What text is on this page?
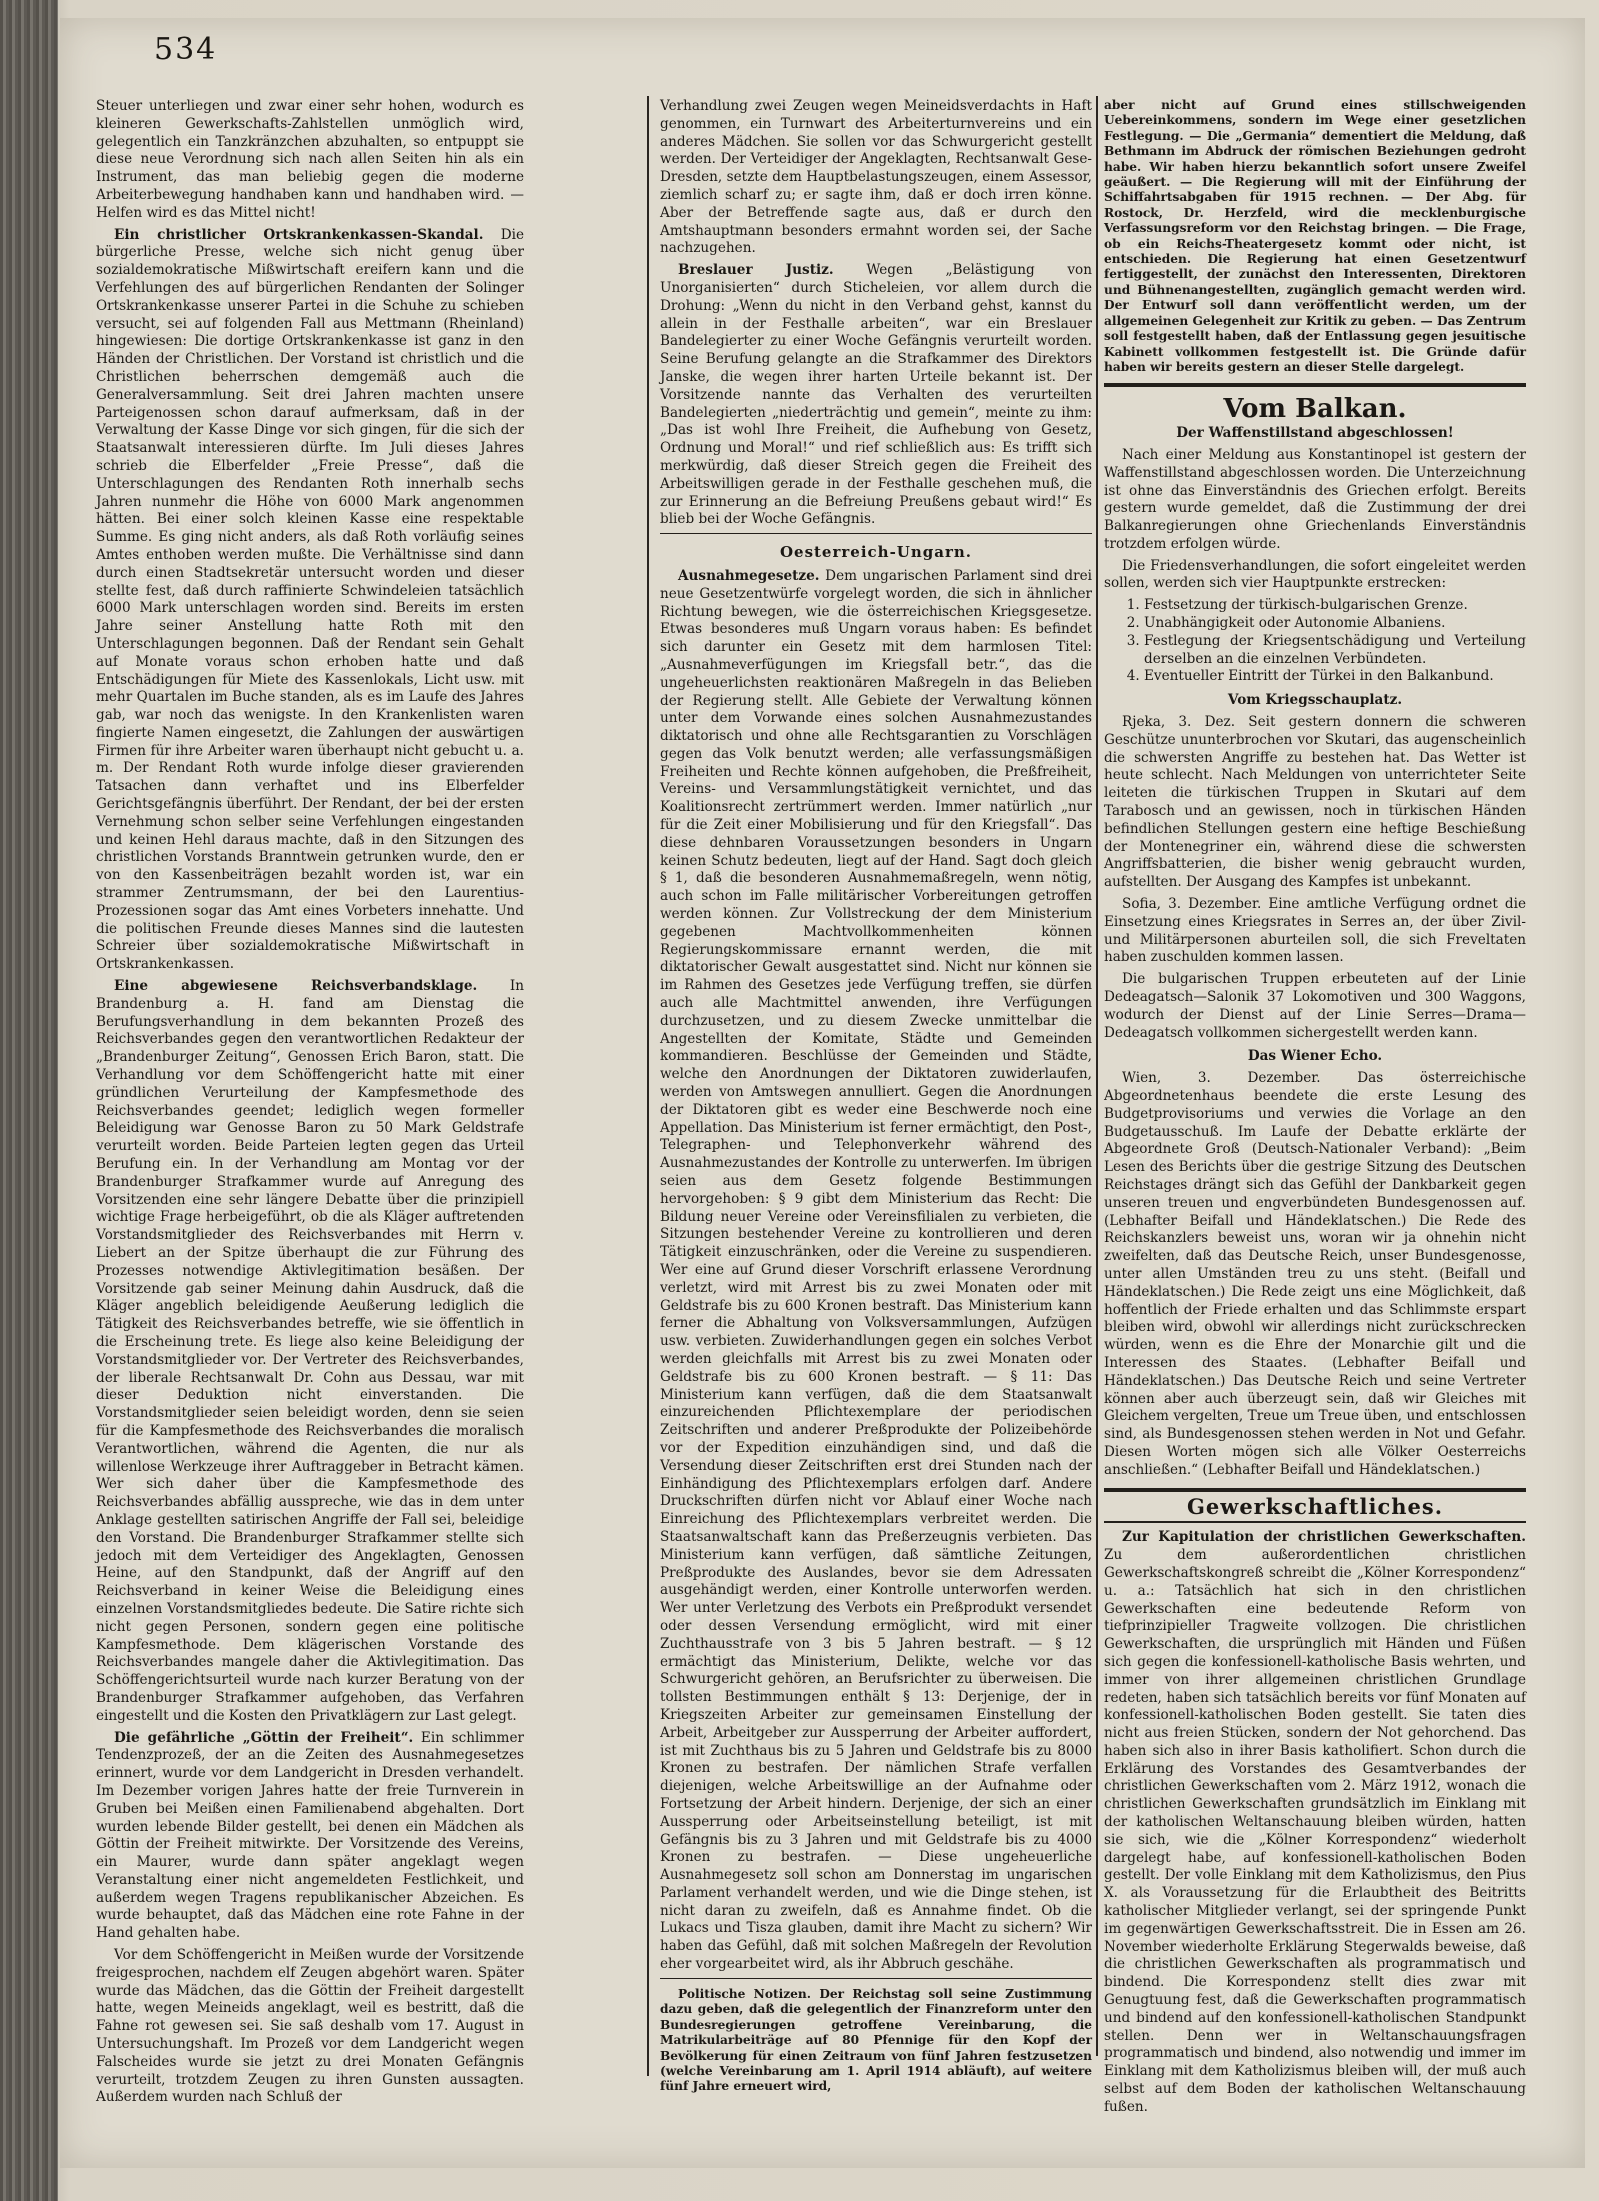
534

Steuer unterliegen und zwar einer sehr hohen, wodurch es kleineren Gewerkschafts-Zahlstellen unmöglich wird, gelegentlich ein Tanzkränzchen abzuhalten, so entpuppt sie diese neue Verordnung sich nach allen Seiten hin als ein Instrument, das man beliebig gegen die moderne Arbeiterbewegung handhaben kann und handhaben wird. — Helfen wird es das Mittel nicht!

Ein christlicher Ortskrankenkassen-Skandal. Die bürgerliche Presse, welche sich nicht genug über sozialdemokratische Mißwirtschaft ereifern kann und die Verfehlungen des auf bürgerlichen Rendanten der Solinger Ortskrankenkasse unserer Partei in die Schuhe zu schieben versucht, sei auf folgenden Fall aus Mettmann (Rheinland) hingewiesen: Die dortige Ortskrankenkasse ist ganz in den Händen der Christlichen. Der Vorstand ist christlich und die Christlichen beherrschen demgemäß auch die Generalversammlung. Seit drei Jahren machten unsere Parteigenossen schon darauf aufmerksam, daß in der Verwaltung der Kasse Dinge vor sich gingen, für die sich der Staatsanwalt interessieren dürfte. Im Juli dieses Jahres schrieb die Elberfelder „Freie Presse“, daß die Unterschlagungen des Rendanten Roth innerhalb sechs Jahren nunmehr die Höhe von 6000 Mark angenommen hätten. Bei einer solch kleinen Kasse eine respektable Summe. Es ging nicht anders, als daß Roth vorläufig seines Amtes enthoben werden mußte. Die Verhältnisse sind dann durch einen Stadtsekretär untersucht worden und dieser stellte fest, daß durch raffinierte Schwindeleien tatsächlich 6000 Mark unterschlagen worden sind. Bereits im ersten Jahre seiner Anstellung hatte Roth mit den Unterschlagungen begonnen. Daß der Rendant sein Gehalt auf Monate voraus schon erhoben hatte und daß Entschädigungen für Miete des Kassenlokals, Licht usw. mit mehr Quartalen im Buche standen, als es im Laufe des Jahres gab, war noch das wenigste. In den Krankenlisten waren fingierte Namen eingesetzt, die Zahlungen der auswärtigen Firmen für ihre Arbeiter waren überhaupt nicht gebucht u. a. m. Der Rendant Roth wurde infolge dieser gravierenden Tatsachen dann verhaftet und ins Elberfelder Gerichtsgefängnis überführt. Der Rendant, der bei der ersten Vernehmung schon selber seine Verfehlungen eingestanden und keinen Hehl daraus machte, daß in den Sitzungen des christlichen Vorstands Branntwein getrunken wurde, den er von den Kassenbeiträgen bezahlt worden ist, war ein strammer Zentrumsmann, der bei den Laurentius-Prozessionen sogar das Amt eines Vorbeters innehatte. Und die politischen Freunde dieses Mannes sind die lautesten Schreier über sozialdemokratische Mißwirtschaft in Ortskrankenkassen.

Eine abgewiesene Reichsverbandsklage. In Brandenburg a. H. fand am Dienstag die Berufungsverhandlung in dem bekannten Prozeß des Reichsverbandes gegen den verantwortlichen Redakteur der „Brandenburger Zeitung“, Genossen Erich Baron, statt. Die Verhandlung vor dem Schöffengericht hatte mit einer gründlichen Verurteilung der Kampfesmethode des Reichsverbandes geendet; lediglich wegen formeller Beleidigung war Genosse Baron zu 50 Mark Geldstrafe verurteilt worden. Beide Parteien legten gegen das Urteil Berufung ein. In der Verhandlung am Montag vor der Brandenburger Strafkammer wurde auf Anregung des Vorsitzenden eine sehr längere Debatte über die prinzipiell wichtige Frage herbeigeführt, ob die als Kläger auftretenden Vorstandsmitglieder des Reichsverbandes mit Herrn v. Liebert an der Spitze überhaupt die zur Führung des Prozesses notwendige Aktivlegitimation besäßen. Der Vorsitzende gab seiner Meinung dahin Ausdruck, daß die Kläger angeblich beleidigende Aeußerung lediglich die Tätigkeit des Reichsverbandes betreffe, wie sie öffentlich in die Erscheinung trete. Es liege also keine Beleidigung der Vorstandsmitglieder vor. Der Vertreter des Reichsverbandes, der liberale Rechtsanwalt Dr. Cohn aus Dessau, war mit dieser Deduktion nicht einverstanden. Die Vorstandsmitglieder seien beleidigt worden, denn sie seien für die Kampfesmethode des Reichsverbandes die moralisch Verantwortlichen, während die Agenten, die nur als willenlose Werkzeuge ihrer Auftraggeber in Betracht kämen. Wer sich daher über die Kampfesmethode des Reichsverbandes abfällig ausspreche, wie das in dem unter Anklage gestellten satirischen Angriffe der Fall sei, beleidige den Vorstand. Die Brandenburger Strafkammer stellte sich jedoch mit dem Verteidiger des Angeklagten, Genossen Heine, auf den Standpunkt, daß der Angriff auf den Reichsverband in keiner Weise die Beleidigung eines einzelnen Vorstandsmitgliedes bedeute. Die Satire richte sich nicht gegen Personen, sondern gegen eine politische Kampfesmethode. Dem klägerischen Vorstande des Reichsverbandes mangele daher die Aktivlegitimation. Das Schöffengerichtsurteil wurde nach kurzer Beratung von der Brandenburger Strafkammer aufgehoben, das Verfahren eingestellt und die Kosten den Privatklägern zur Last gelegt.

Die gefährliche „Göttin der Freiheit“. Ein schlimmer Tendenzprozeß, der an die Zeiten des Ausnahmegesetzes erinnert, wurde vor dem Landgericht in Dresden verhandelt. Im Dezember vorigen Jahres hatte der freie Turnverein in Gruben bei Meißen einen Familienabend abgehalten. Dort wurden lebende Bilder gestellt, bei denen ein Mädchen als Göttin der Freiheit mitwirkte. Der Vorsitzende des Vereins, ein Maurer, wurde dann später angeklagt wegen Veranstaltung einer nicht angemeldeten Festlichkeit, und außerdem wegen Tragens republikanischer Abzeichen. Es wurde behauptet, daß das Mädchen eine rote Fahne in der Hand gehalten habe.

Vor dem Schöffengericht in Meißen wurde der Vorsitzende freigesprochen, nachdem elf Zeugen abgehört waren. Später wurde das Mädchen, das die Göttin der Freiheit dargestellt hatte, wegen Meineids angeklagt, weil es bestritt, daß die Fahne rot gewesen sei. Sie saß deshalb vom 17. August in Untersuchungshaft. Im Prozeß vor dem Landgericht wegen Falscheides wurde sie jetzt zu drei Monaten Gefängnis verurteilt, trotzdem Zeugen zu ihren Gunsten aussagten. Außerdem wurden nach Schluß der

Verhandlung zwei Zeugen wegen Meineidsverdachts in Haft genommen, ein Turnwart des Arbeiterturnvereins und ein anderes Mädchen. Sie sollen vor das Schwurgericht gestellt werden. Der Verteidiger der Angeklagten, Rechtsanwalt Gese-Dresden, setzte dem Hauptbelastungszeugen, einem Assessor, ziemlich scharf zu; er sagte ihm, daß er doch irren könne. Aber der Betreffende sagte aus, daß er durch den Amtshauptmann besonders ermahnt worden sei, der Sache nachzugehen.

Breslauer Justiz. Wegen „Belästigung von Unorganisierten“ durch Sticheleien, vor allem durch die Drohung: „Wenn du nicht in den Verband gehst, kannst du allein in der Festhalle arbeiten“, war ein Breslauer Bandelegierter zu einer Woche Gefängnis verurteilt worden. Seine Berufung gelangte an die Strafkammer des Direktors Janske, die wegen ihrer harten Urteile bekannt ist. Der Vorsitzende nannte das Verhalten des verurteilten Bandelegierten „niederträchtig und gemein“, meinte zu ihm: „Das ist wohl Ihre Freiheit, die Aufhebung von Gesetz, Ordnung und Moral!“ und rief schließlich aus: Es trifft sich merkwürdig, daß dieser Streich gegen die Freiheit des Arbeitswilligen gerade in der Festhalle geschehen muß, die zur Erinnerung an die Befreiung Preußens gebaut wird!“ Es blieb bei der Woche Gefängnis.

Oesterreich-Ungarn.

Ausnahmegesetze. Dem ungarischen Parlament sind drei neue Gesetzentwürfe vorgelegt worden, die sich in ähnlicher Richtung bewegen, wie die österreichischen Kriegsgesetze. Etwas besonderes muß Ungarn voraus haben: Es befindet sich darunter ein Gesetz mit dem harmlosen Titel: „Ausnahmeverfügungen im Kriegsfall betr.“, das die ungeheuerlichsten reaktionären Maßregeln in das Belieben der Regierung stellt. Alle Gebiete der Verwaltung können unter dem Vorwande eines solchen Ausnahmezustandes diktatorisch und ohne alle Rechtsgarantien zu Vorschlägen gegen das Volk benutzt werden; alle verfassungsmäßigen Freiheiten und Rechte können aufgehoben, die Preßfreiheit, Vereins- und Versammlungstätigkeit vernichtet, und das Koalitionsrecht zertrümmert werden. Immer natürlich „nur für die Zeit einer Mobilisierung und für den Kriegsfall“. Das diese dehnbaren Voraussetzungen besonders in Ungarn keinen Schutz bedeuten, liegt auf der Hand. Sagt doch gleich § 1, daß die besonderen Ausnahmemaßregeln, wenn nötig, auch schon im Falle militärischer Vorbereitungen getroffen werden können. Zur Vollstreckung der dem Ministerium gegebenen Machtvollkommenheiten können Regierungskommissare ernannt werden, die mit diktatorischer Gewalt ausgestattet sind. Nicht nur können sie im Rahmen des Gesetzes jede Verfügung treffen, sie dürfen auch alle Machtmittel anwenden, ihre Verfügungen durchzusetzen, und zu diesem Zwecke unmittelbar die Angestellten der Komitate, Städte und Gemeinden kommandieren. Beschlüsse der Gemeinden und Städte, welche den Anordnungen der Diktatoren zuwiderlaufen, werden von Amtswegen annulliert. Gegen die Anordnungen der Diktatoren gibt es weder eine Beschwerde noch eine Appellation. Das Ministerium ist ferner ermächtigt, den Post-, Telegraphen- und Telephonverkehr während des Ausnahmezustandes der Kontrolle zu unterwerfen. Im übrigen seien aus dem Gesetz folgende Bestimmungen hervorgehoben: § 9 gibt dem Ministerium das Recht: Die Bildung neuer Vereine oder Vereinsfilialen zu verbieten, die Sitzungen bestehender Vereine zu kontrollieren und deren Tätigkeit einzuschränken, oder die Vereine zu suspendieren. Wer eine auf Grund dieser Vorschrift erlassene Verordnung verletzt, wird mit Arrest bis zu zwei Monaten oder mit Geldstrafe bis zu 600 Kronen bestraft. Das Ministerium kann ferner die Abhaltung von Volksversammlungen, Aufzügen usw. verbieten. Zuwiderhandlungen gegen ein solches Verbot werden gleichfalls mit Arrest bis zu zwei Monaten oder Geldstrafe bis zu 600 Kronen bestraft. — § 11: Das Ministerium kann verfügen, daß die dem Staatsanwalt einzureichenden Pflichtexemplare der periodischen Zeitschriften und anderer Preßprodukte der Polizeibehörde vor der Expedition einzuhändigen sind, und daß die Versendung dieser Zeitschriften erst drei Stunden nach der Einhändigung des Pflichtexemplars erfolgen darf. Andere Druckschriften dürfen nicht vor Ablauf einer Woche nach Einreichung des Pflichtexemplars verbreitet werden. Die Staatsanwaltschaft kann das Preßerzeugnis verbieten. Das Ministerium kann verfügen, daß sämtliche Zeitungen, Preßprodukte des Auslandes, bevor sie dem Adressaten ausgehändigt werden, einer Kontrolle unterworfen werden. Wer unter Verletzung des Verbots ein Preßprodukt versendet oder dessen Versendung ermöglicht, wird mit einer Zuchthausstrafe von 3 bis 5 Jahren bestraft. — § 12 ermächtigt das Ministerium, Delikte, welche vor das Schwurgericht gehören, an Berufsrichter zu überweisen. Die tollsten Bestimmungen enthält § 13: Derjenige, der in Kriegszeiten Arbeiter zur gemeinsamen Einstellung der Arbeit, Arbeitgeber zur Aussperrung der Arbeiter auffordert, ist mit Zuchthaus bis zu 5 Jahren und Geldstrafe bis zu 8000 Kronen zu bestrafen. Der nämlichen Strafe verfallen diejenigen, welche Arbeitswillige an der Aufnahme oder Fortsetzung der Arbeit hindern. Derjenige, der sich an einer Aussperrung oder Arbeitseinstellung beteiligt, ist mit Gefängnis bis zu 3 Jahren und mit Geldstrafe bis zu 4000 Kronen zu bestrafen. — Diese ungeheuerliche Ausnahmegesetz soll schon am Donnerstag im ungarischen Parlament verhandelt werden, und wie die Dinge stehen, ist nicht daran zu zweifeln, daß es Annahme findet. Ob die Lukacs und Tisza glauben, damit ihre Macht zu sichern? Wir haben das Gefühl, daß mit solchen Maßregeln der Revolution eher vorgearbeitet wird, als ihr Abbruch geschähe.

Politische Notizen. Der Reichstag soll seine Zustimmung dazu geben, daß die gelegentlich der Finanzreform unter den Bundesregierungen getroffene Vereinbarung, die Matrikularbeiträge auf 80 Pfennige für den Kopf der Bevölkerung für einen Zeitraum von fünf Jahren festzusetzen (welche Vereinbarung am 1. April 1914 abläuft), auf weitere fünf Jahre erneuert wird,

aber nicht auf Grund eines stillschweigenden Uebereinkommens, sondern im Wege einer gesetzlichen Festlegung. — Die „Germania“ dementiert die Meldung, daß Bethmann im Abdruck der römischen Beziehungen gedroht habe. Wir haben hierzu bekanntlich sofort unsere Zweifel geäußert. — Die Regierung will mit der Einführung der Schiffahrtsabgaben für 1915 rechnen. — Der Abg. für Rostock, Dr. Herzfeld, wird die mecklenburgische Verfassungsreform vor den Reichstag bringen. — Die Frage, ob ein Reichs-Theatergesetz kommt oder nicht, ist entschieden. Die Regierung hat einen Gesetzentwurf fertiggestellt, der zunächst den Interessenten, Direktoren und Bühnenangestellten, zugänglich gemacht werden wird. Der Entwurf soll dann veröffentlicht werden, um der allgemeinen Gelegenheit zur Kritik zu geben. — Das Zentrum soll festgestellt haben, daß der Entlassung gegen jesuitische Kabinett vollkommen festgestellt ist. Die Gründe dafür haben wir bereits gestern an dieser Stelle dargelegt.

Vom Balkan.
Der Waffenstillstand abgeschlossen!

Nach einer Meldung aus Konstantinopel ist gestern der Waffenstillstand abgeschlossen worden. Die Unterzeichnung ist ohne das Einverständnis des Griechen erfolgt. Bereits gestern wurde gemeldet, daß die Zustimmung der drei Balkanregierungen ohne Griechenlands Einverständnis trotzdem erfolgen würde.

Die Friedensverhandlungen, die sofort eingeleitet werden sollen, werden sich vier Hauptpunkte erstrecken:

1. Festsetzung der türkisch-bulgarischen Grenze.
2. Unabhängigkeit oder Autonomie Albaniens.
3. Festlegung der Kriegsentschädigung und Verteilung derselben an die einzelnen Verbündeten.
4. Eventueller Eintritt der Türkei in den Balkanbund.
Vom Kriegsschauplatz.

Rjeka, 3. Dez. Seit gestern donnern die schweren Geschütze ununterbrochen vor Skutari, das augenscheinlich die schwersten Angriffe zu bestehen hat. Das Wetter ist heute schlecht. Nach Meldungen von unterrichteter Seite leiteten die türkischen Truppen in Skutari auf dem Tarabosch und an gewissen, noch in türkischen Händen befindlichen Stellungen gestern eine heftige Beschießung der Montenegriner ein, während diese die schwersten Angriffsbatterien, die bisher wenig gebraucht wurden, aufstellten. Der Ausgang des Kampfes ist unbekannt.

Sofia, 3. Dezember. Eine amtliche Verfügung ordnet die Einsetzung eines Kriegsrates in Serres an, der über Zivil- und Militärpersonen aburteilen soll, die sich Freveltaten haben zuschulden kommen lassen.

Die bulgarischen Truppen erbeuteten auf der Linie Dedeagatsch—Salonik 37 Lokomotiven und 300 Waggons, wodurch der Dienst auf der Linie Serres—Drama—Dedeagatsch vollkommen sichergestellt werden kann.

Das Wiener Echo.

Wien, 3. Dezember. Das österreichische Abgeordnetenhaus beendete die erste Lesung des Budgetprovisoriums und verwies die Vorlage an den Budgetausschuß. Im Laufe der Debatte erklärte der Abgeordnete Groß (Deutsch-Nationaler Verband): „Beim Lesen des Berichts über die gestrige Sitzung des Deutschen Reichstages drängt sich das Gefühl der Dankbarkeit gegen unseren treuen und engverbündeten Bundesgenossen auf. (Lebhafter Beifall und Händeklatschen.) Die Rede des Reichskanzlers beweist uns, woran wir ja ohnehin nicht zweifelten, daß das Deutsche Reich, unser Bundesgenosse, unter allen Umständen treu zu uns steht. (Beifall und Händeklatschen.) Die Rede zeigt uns eine Möglichkeit, daß hoffentlich der Friede erhalten und das Schlimmste erspart bleiben wird, obwohl wir allerdings nicht zurückschrecken würden, wenn es die Ehre der Monarchie gilt und die Interessen des Staates. (Lebhafter Beifall und Händeklatschen.) Das Deutsche Reich und seine Vertreter können aber auch überzeugt sein, daß wir Gleiches mit Gleichem vergelten, Treue um Treue üben, und entschlossen sind, als Bundesgenossen stehen werden in Not und Gefahr. Diesen Worten mögen sich alle Völker Oesterreichs anschließen.“ (Lebhafter Beifall und Händeklatschen.)

Gewerkschaftliches.

Zur Kapitulation der christlichen Gewerkschaften. Zu dem außerordentlichen christlichen Gewerkschaftskongreß schreibt die „Kölner Korrespondenz“ u. a.: Tatsächlich hat sich in den christlichen Gewerkschaften eine bedeutende Reform von tiefprinzipieller Tragweite vollzogen. Die christlichen Gewerkschaften, die ursprünglich mit Händen und Füßen sich gegen die konfessionell-katholische Basis wehrten, und immer von ihrer allgemeinen christlichen Grundlage redeten, haben sich tatsächlich bereits vor fünf Monaten auf konfessionell-katholischen Boden gestellt. Sie taten dies nicht aus freien Stücken, sondern der Not gehorchend. Das haben sich also in ihrer Basis katholifiert. Schon durch die Erklärung des Vorstandes des Gesamtverbandes der christlichen Gewerkschaften vom 2. März 1912, wonach die christlichen Gewerkschaften grundsätzlich im Einklang mit der katholischen Weltanschauung bleiben würden, hatten sie sich, wie die „Kölner Korrespondenz“ wiederholt dargelegt habe, auf konfessionell-katholischen Boden gestellt. Der volle Einklang mit dem Katholizismus, den Pius X. als Voraussetzung für die Erlaubtheit des Beitritts katholischer Mitglieder verlangt, sei der springende Punkt im gegenwärtigen Gewerkschaftsstreit. Die in Essen am 26. November wiederholte Erklärung Stegerwalds beweise, daß die christlichen Gewerkschaften als programmatisch und bindend. Die Korrespondenz stellt dies zwar mit Genugtuung fest, daß die Gewerkschaften programmatisch und bindend auf den konfessionell-katholischen Standpunkt stellen. Denn wer in Weltanschauungsfragen programmatisch und bindend, also notwendig und immer im Einklang mit dem Katholizismus bleiben will, der muß auch selbst auf dem Boden der katholischen Weltanschauung fußen.
